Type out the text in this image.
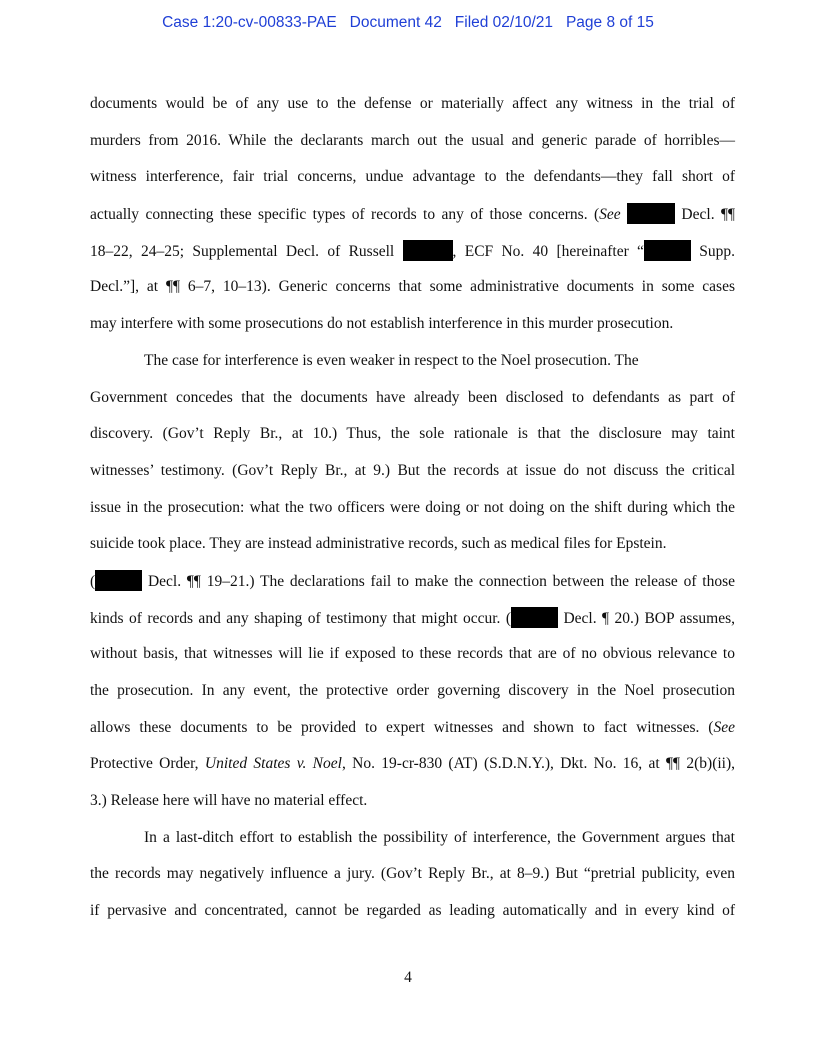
Case 1:20-cv-00833-PAE Document 42 Filed 02/10/21 Page 8 of 15
documents would be of any use to the defense or materially affect any witness in the trial of
murders from 2016. While the declarants march out the usual and generic parade of horribles—
witness interference, fair trial concerns, undue advantage to the defendants—they fall short of
actually connecting these specific types of records to any of those concerns. (See	Decl. ¶¶
18–22, 24–25; Supplemental Decl. of Russell	, ECF No. 40 [hereinafter “	Supp.
Decl.”], at ¶¶ 6–7, 10–13). Generic concerns that some administrative documents in some cases
may interfere with some prosecutions do not establish interference in this murder prosecution.
The case for interference is even weaker in respect to the Noel prosecution. The
Government concedes that the documents have already been disclosed to defendants as part of
discovery. (Gov’t Reply Br., at 10.) Thus, the sole rationale is that the disclosure may taint
witnesses’ testimony. (Gov’t Reply Br., at 9.) But the records at issue do not discuss the critical
issue in the prosecution: what the two officers were doing or not doing on the shift during which the
suicide took place. They are instead administrative records, such as medical files for Epstein.
(	Decl. ¶¶ 19–21.) The declarations fail to make the connection between the release of those
kinds of records and any shaping of testimony that might occur. (	Decl. ¶ 20.) BOP assumes,
without basis, that witnesses will lie if exposed to these records that are of no obvious relevance to
the prosecution. In any event, the protective order governing discovery in the Noel prosecution
allows these documents to be provided to expert witnesses and shown to fact witnesses. (See
Protective Order, United States v. Noel, No. 19-cr-830 (AT) (S.D.N.Y.), Dkt. No. 16, at ¶¶ 2(b)(ii),
3.) Release here will have no material effect.
In a last-ditch effort to establish the possibility of interference, the Government argues that
the records may negatively influence a jury. (Gov’t Reply Br., at 8–9.) But “pretrial publicity, even
if pervasive and concentrated, cannot be regarded as leading automatically and in every kind of
4
